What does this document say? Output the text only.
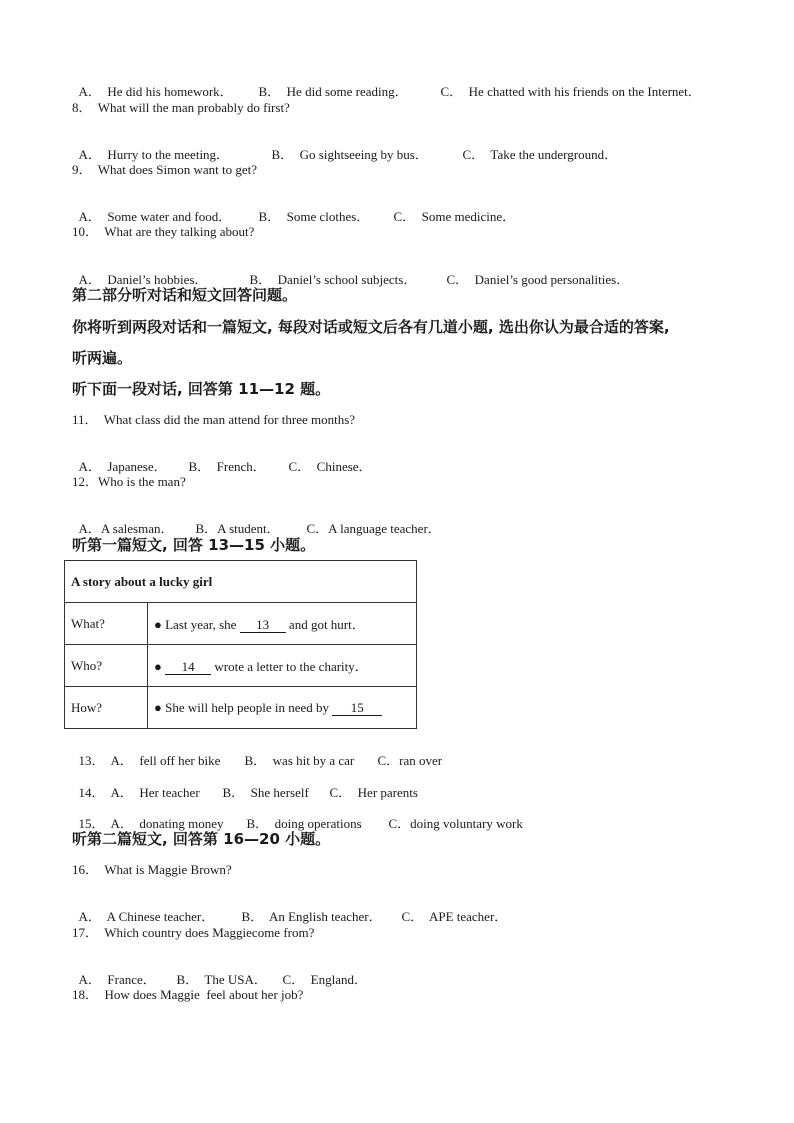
A．  He did his homework． B．  He did some reading．	C．  He chatted with his friends on the Internet．

8．  What will the man probably do first?

A．  Hurry to the meeting．	B．  Go sightseeing by bus．	C．  Take the underground．

9．  What does Simon want to get?

A．  Some water and food． B．  Some clothes． C．  Some medicine．

10．  What are they talking about?

A．  Daniel’s hobbies．	B．  Daniel’s school subjects． C．  Daniel’s good personalities．

第二部分听对话和短文回答问题。
你将听到两段对话和一篇短文, 每段对话或短文后各有几道小题, 选出你认为最合适的答案,
听两遍。
听下面一段对话, 回答第 11—12 题。
11．  What class did the man attend for three months?

A．  Japanese． B．  French． C．  Chinese．

12．Who is the man?

A．A salesman． B．A student． C．A language teacher．

听第一篇短文, 回答 13—15 小题。
A story about a lucky girl	
What?	● Last year, she 13 and got hurt．
Who?	● 14 wrote a letter to the charity．
How?	● She will help people in need by 15

13． A．  fell off her bike B．  was hit by a car C．ran over

14． A．  Her teacher B．  She herself C．  Her parents

15． A．  donating money B．  doing operations C．doing voluntary work

听第二篇短文, 回答第 16—20 小题。
16．  What is Maggie Brown?

A．  A Chinese teacher． B．  An English teacher． C．  APE teacher．

17．  Which country does Maggiecome from?

A．  France． B．  The USA． C．  England．

18．  How does Maggie  feel about her job?
